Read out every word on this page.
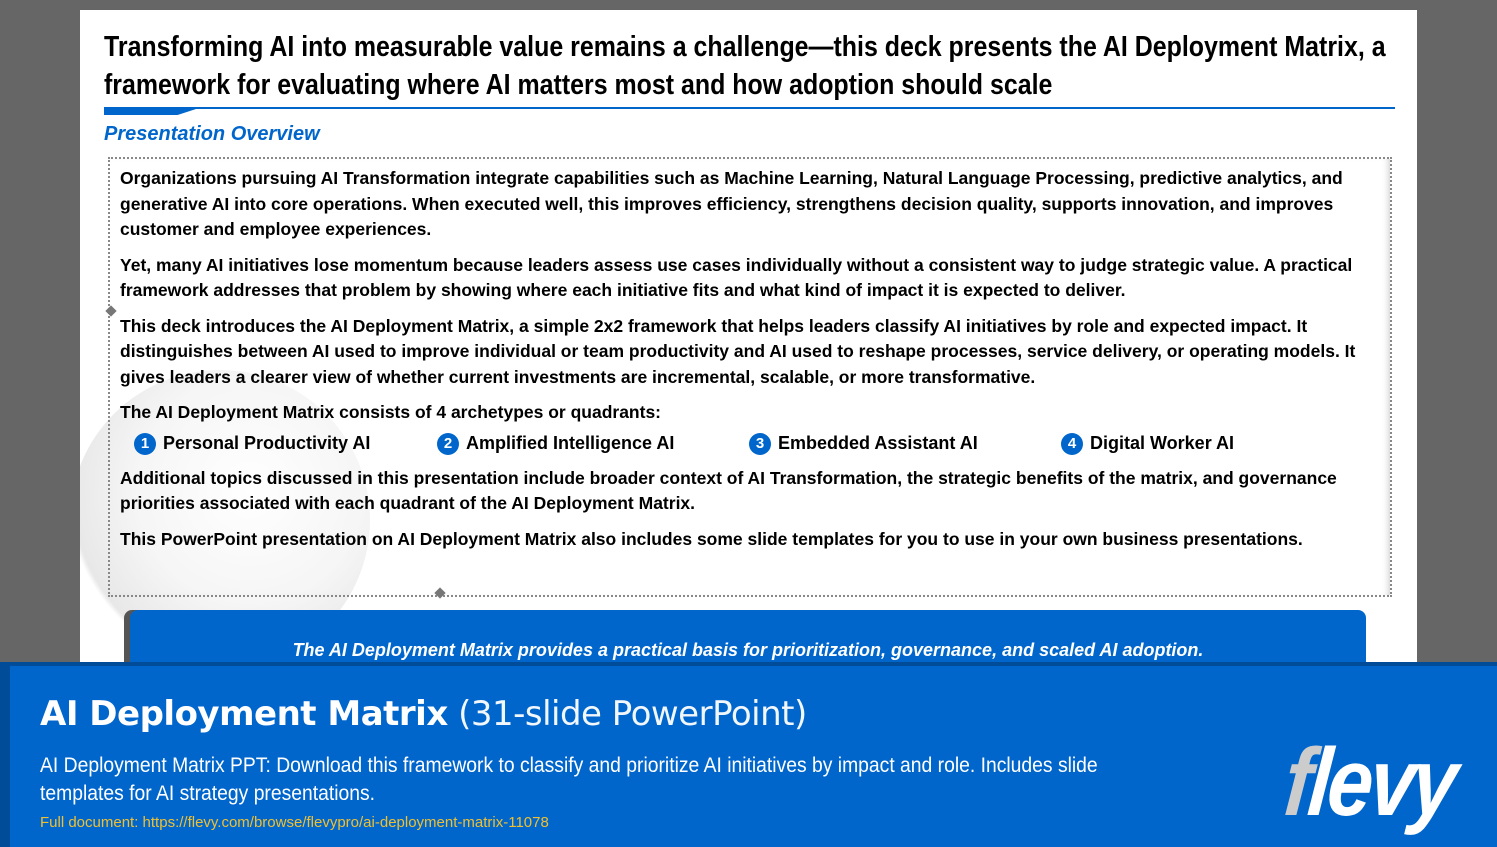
Transforming AI into measurable value remains a challenge—this deck presents the AI Deployment Matrix, a framework for evaluating where AI matters most and how adoption should scale
Presentation Overview

Organizations pursuing AI Transformation integrate capabilities such as Machine Learning, Natural Language Processing, predictive analytics, and generative AI into core operations. When executed well, this improves efficiency, strengthens decision quality, supports innovation, and improves customer and employee experiences.

Yet, many AI initiatives lose momentum because leaders assess use cases individually without a consistent way to judge strategic value. A practical framework addresses that problem by showing where each initiative fits and what kind of impact it is expected to deliver.

This deck introduces the AI Deployment Matrix, a simple 2x2 framework that helps leaders classify AI initiatives by role and expected impact. It distinguishes between AI used to improve individual or team productivity and AI used to reshape processes, service delivery, or operating models. It gives leaders a clearer view of whether current investments are incremental, scalable, or more transformative.

The AI Deployment Matrix consists of 4 archetypes or quadrants:

1 Personal Productivity AI	2 Amplified Intelligence AI	3 Embedded Assistant AI	4 Digital Worker AI

Additional topics discussed in this presentation include broader context of AI Transformation, the strategic benefits of the matrix, and governance priorities associated with each quadrant of the AI Deployment Matrix.

This PowerPoint presentation on AI Deployment Matrix also includes some slide templates for you to use in your own business presentations.

The AI Deployment Matrix provides a practical basis for prioritization, governance, and scaled AI adoption.
AI Deployment Matrix (31-slide PowerPoint)
AI Deployment Matrix PPT: Download this framework to classify and prioritize AI initiatives by impact and role. Includes slide templates for AI strategy presentations.
Full document: https://flevy.com/browse/flevypro/ai-deployment-matrix-11078	flevy
